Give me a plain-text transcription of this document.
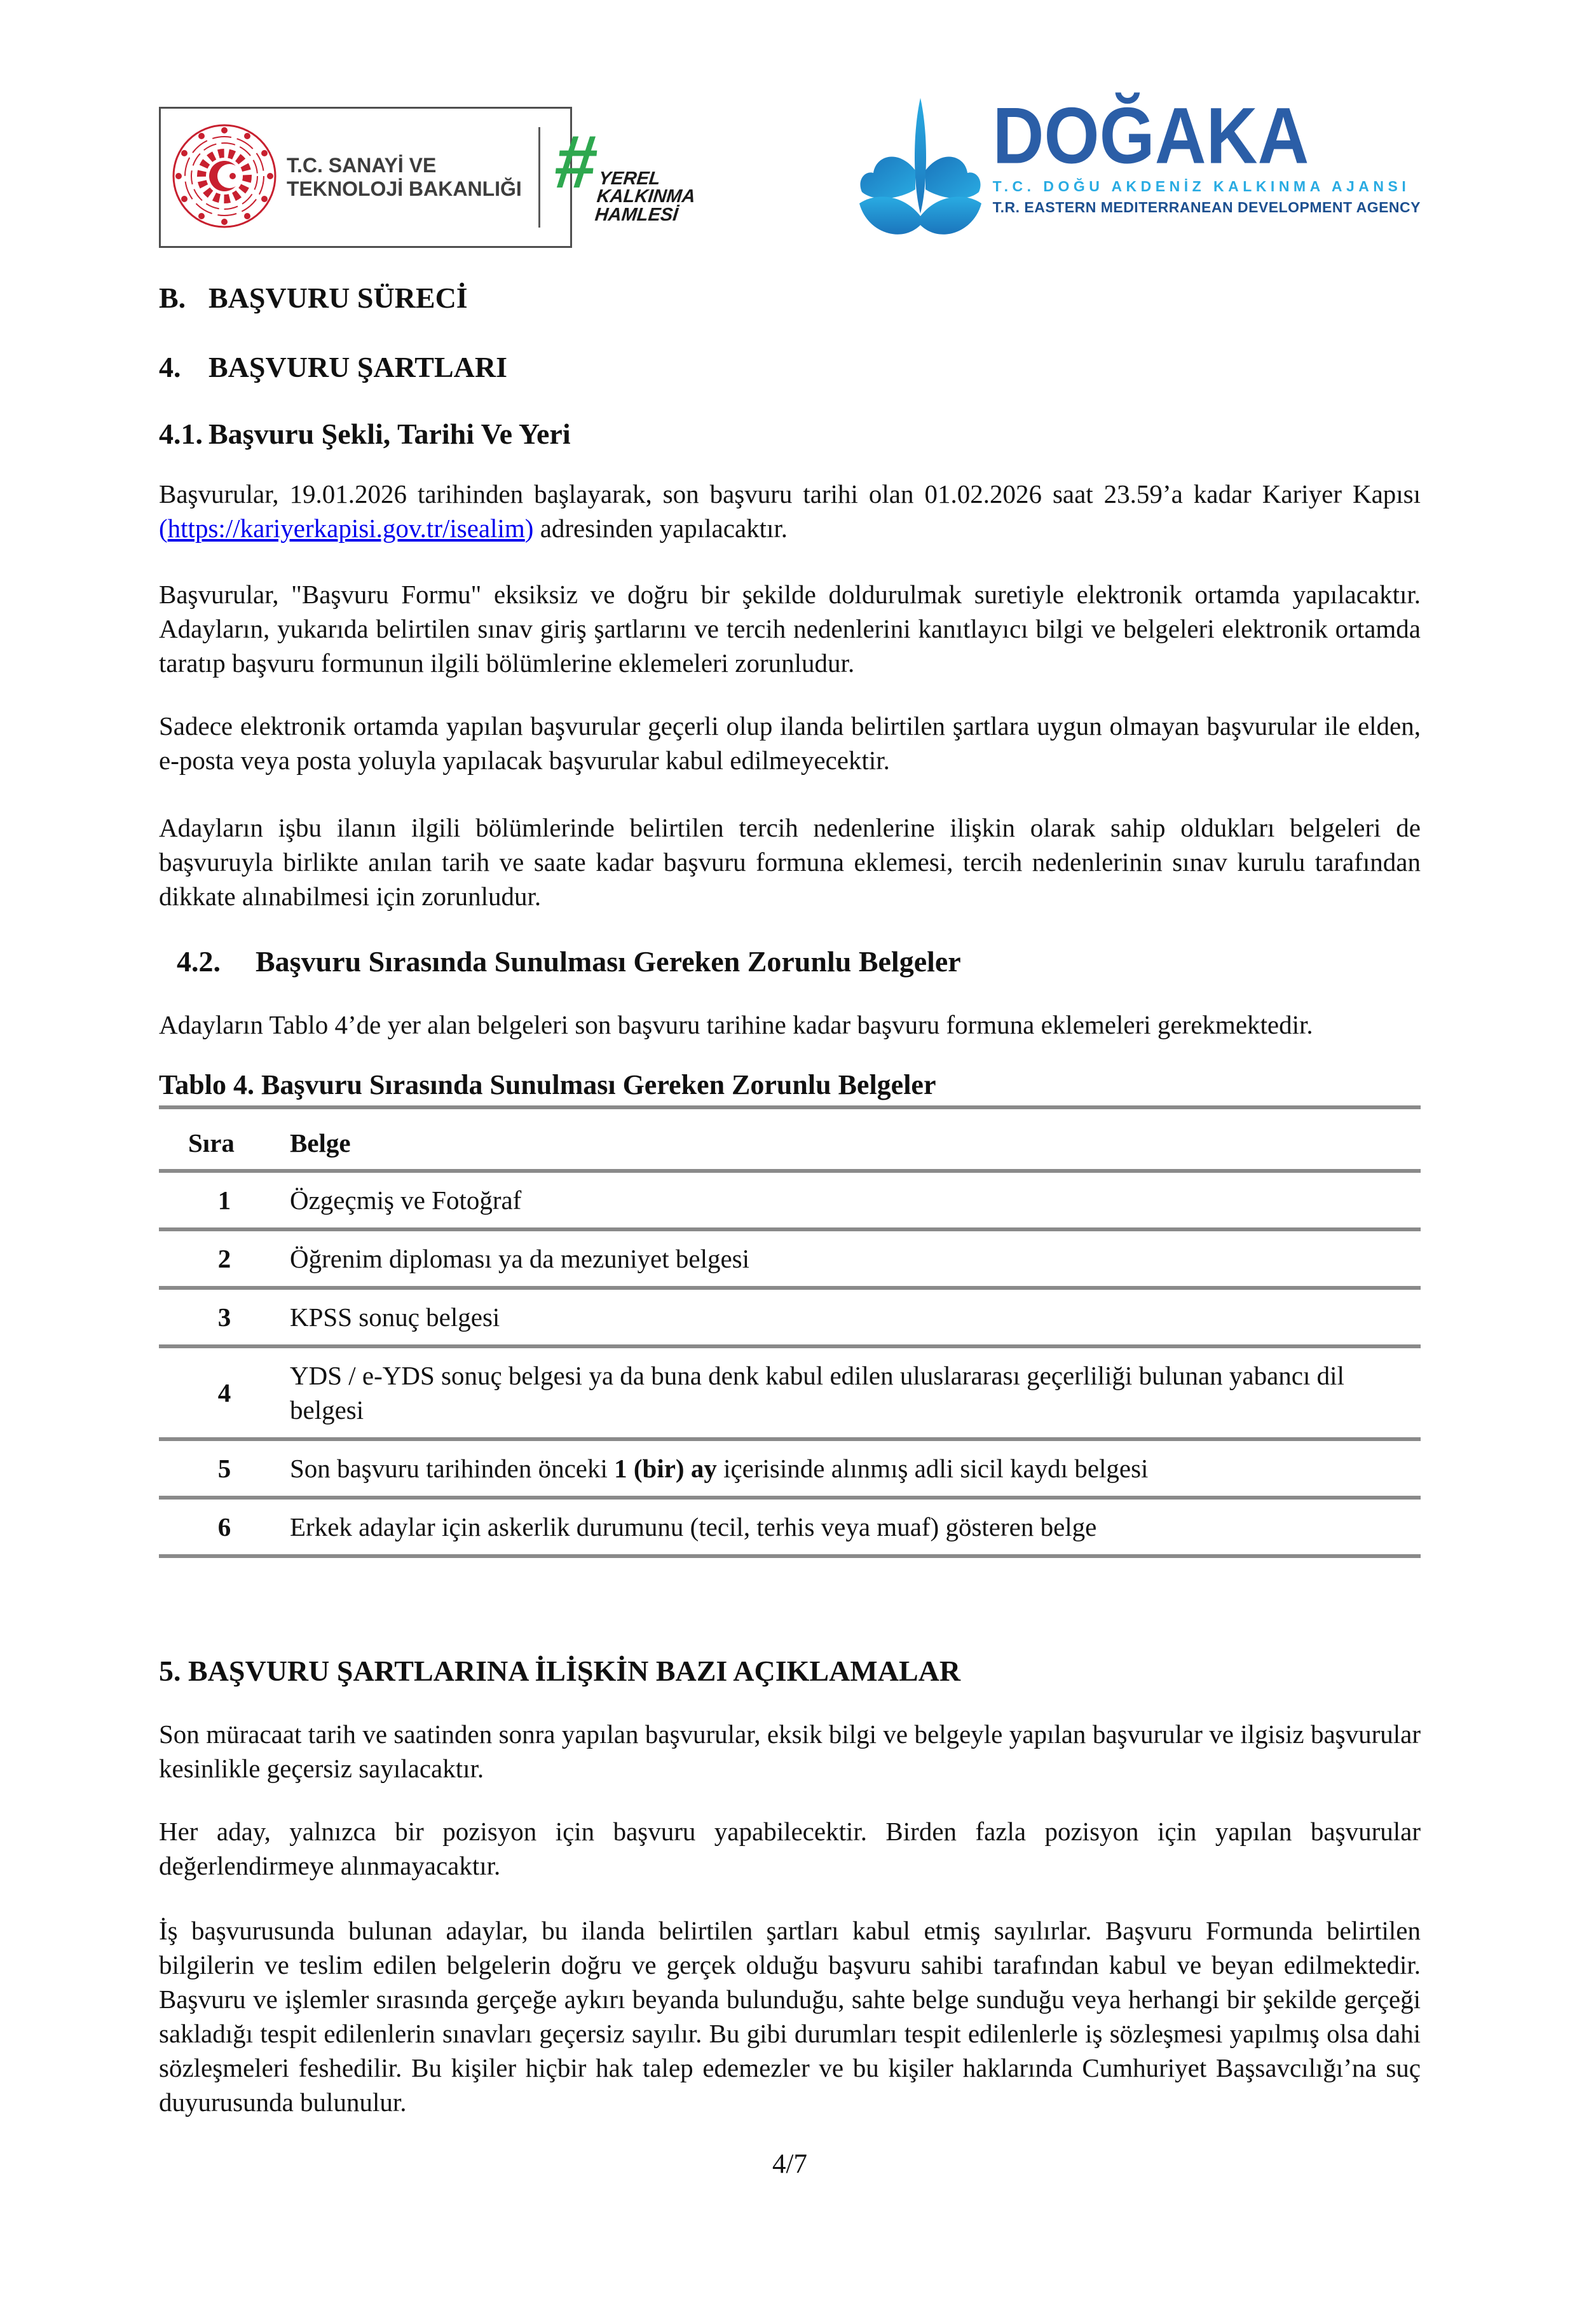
T.C. SANAYİ VE
TEKNOLOJİ BAKANLIĞI #
YEREL
KALKINMA
HAMLESİ
DOĞAKA
T.C. DOĞU AKDENİZ KALKINMA AJANSI
T.R. EASTERN MEDITERRANEAN DEVELOPMENT AGENCY
B. BAŞVURU SÜRECİ
4. BAŞVURU ŞARTLARI
4.1. Başvuru Şekli, Tarihi Ve Yeri

Başvurular, 19.01.2026 tarihinden başlayarak, son başvuru tarihi olan 01.02.2026 saat 23.59’a kadar Kariyer Kapısı (https://kariyerkapisi.gov.tr/isealim) adresinden yapılacaktır.

Başvurular, "Başvuru Formu" eksiksiz ve doğru bir şekilde doldurulmak suretiyle elektronik ortamda yapılacaktır. Adayların, yukarıda belirtilen sınav giriş şartlarını ve tercih nedenlerini kanıtlayıcı bilgi ve belgeleri elektronik ortamda taratıp başvuru formunun ilgili bölümlerine eklemeleri zorunludur.

Sadece elektronik ortamda yapılan başvurular geçerli olup ilanda belirtilen şartlara uygun olmayan başvurular ile elden, e-posta veya posta yoluyla yapılacak başvurular kabul edilmeyecektir.

Adayların işbu ilanın ilgili bölümlerinde belirtilen tercih nedenlerine ilişkin olarak sahip oldukları belgeleri de başvuruyla birlikte anılan tarih ve saate kadar başvuru formuna eklemesi, tercih nedenlerinin sınav kurulu tarafından dikkate alınabilmesi için zorunludur.

4.2.	Başvuru Sırasında Sunulması Gereken Zorunlu Belgeler

Adayların Tablo 4’de yer alan belgeleri son başvuru tarihine kadar başvuru formuna eklemeleri gerekmektedir.

Tablo 4. Başvuru Sırasında Sunulması Gereken Zorunlu Belgeler
Sıra	Belge
1	Özgeçmiş ve Fotoğraf
2	Öğrenim diploması ya da mezuniyet belgesi
3	KPSS sonuç belgesi
4	YDS / e-YDS sonuç belgesi ya da buna denk kabul edilen uluslararası geçerliliği bulunan yabancı dil belgesi
5	Son başvuru tarihinden önceki 1 (bir) ay içerisinde alınmış adli sicil kaydı belgesi
6	Erkek adaylar için askerlik durumunu (tecil, terhis veya muaf) gösteren belge
5. BAŞVURU ŞARTLARINA İLİŞKİN BAZI AÇIKLAMALAR

Son müracaat tarih ve saatinden sonra yapılan başvurular, eksik bilgi ve belgeyle yapılan başvurular ve ilgisiz başvurular kesinlikle geçersiz sayılacaktır.

Her aday, yalnızca bir pozisyon için başvuru yapabilecektir. Birden fazla pozisyon için yapılan başvurular değerlendirmeye alınmayacaktır.

İş başvurusunda bulunan adaylar, bu ilanda belirtilen şartları kabul etmiş sayılırlar. Başvuru Formunda belirtilen bilgilerin ve teslim edilen belgelerin doğru ve gerçek olduğu başvuru sahibi tarafından kabul ve beyan edilmektedir. Başvuru ve işlemler sırasında gerçeğe aykırı beyanda bulunduğu, sahte belge sunduğu veya herhangi bir şekilde gerçeği sakladığı tespit edilenlerin sınavları geçersiz sayılır. Bu gibi durumları tespit edilenlerle iş sözleşmesi yapılmış olsa dahi sözleşmeleri feshedilir. Bu kişiler hiçbir hak talep edemezler ve bu kişiler haklarında Cumhuriyet Başsavcılığı’na suç duyurusunda bulunulur.

4/7
